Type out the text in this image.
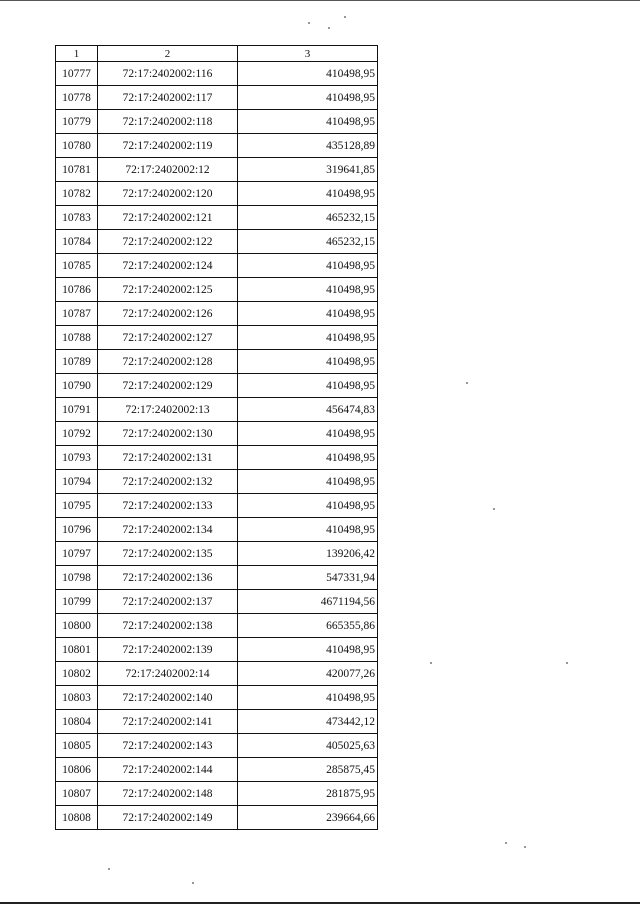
1	2	3
10777	72:17:2402002:116	410498,95
10778	72:17:2402002:117	410498,95
10779	72:17:2402002:118	410498,95
10780	72:17:2402002:119	435128,89
10781	72:17:2402002:12	319641,85
10782	72:17:2402002:120	410498,95
10783	72:17:2402002:121	465232,15
10784	72:17:2402002:122	465232,15
10785	72:17:2402002:124	410498,95
10786	72:17:2402002:125	410498,95
10787	72:17:2402002:126	410498,95
10788	72:17:2402002:127	410498,95
10789	72:17:2402002:128	410498,95
10790	72:17:2402002:129	410498,95
10791	72:17:2402002:13	456474,83
10792	72:17:2402002:130	410498,95
10793	72:17:2402002:131	410498,95
10794	72:17:2402002:132	410498,95
10795	72:17:2402002:133	410498,95
10796	72:17:2402002:134	410498,95
10797	72:17:2402002:135	139206,42
10798	72:17:2402002:136	547331,94
10799	72:17:2402002:137	4671194,56
10800	72:17:2402002:138	665355,86
10801	72:17:2402002:139	410498,95
10802	72:17:2402002:14	420077,26
10803	72:17:2402002:140	410498,95
10804	72:17:2402002:141	473442,12
10805	72:17:2402002:143	405025,63
10806	72:17:2402002:144	285875,45
10807	72:17:2402002:148	281875,95
10808	72:17:2402002:149	239664,66
